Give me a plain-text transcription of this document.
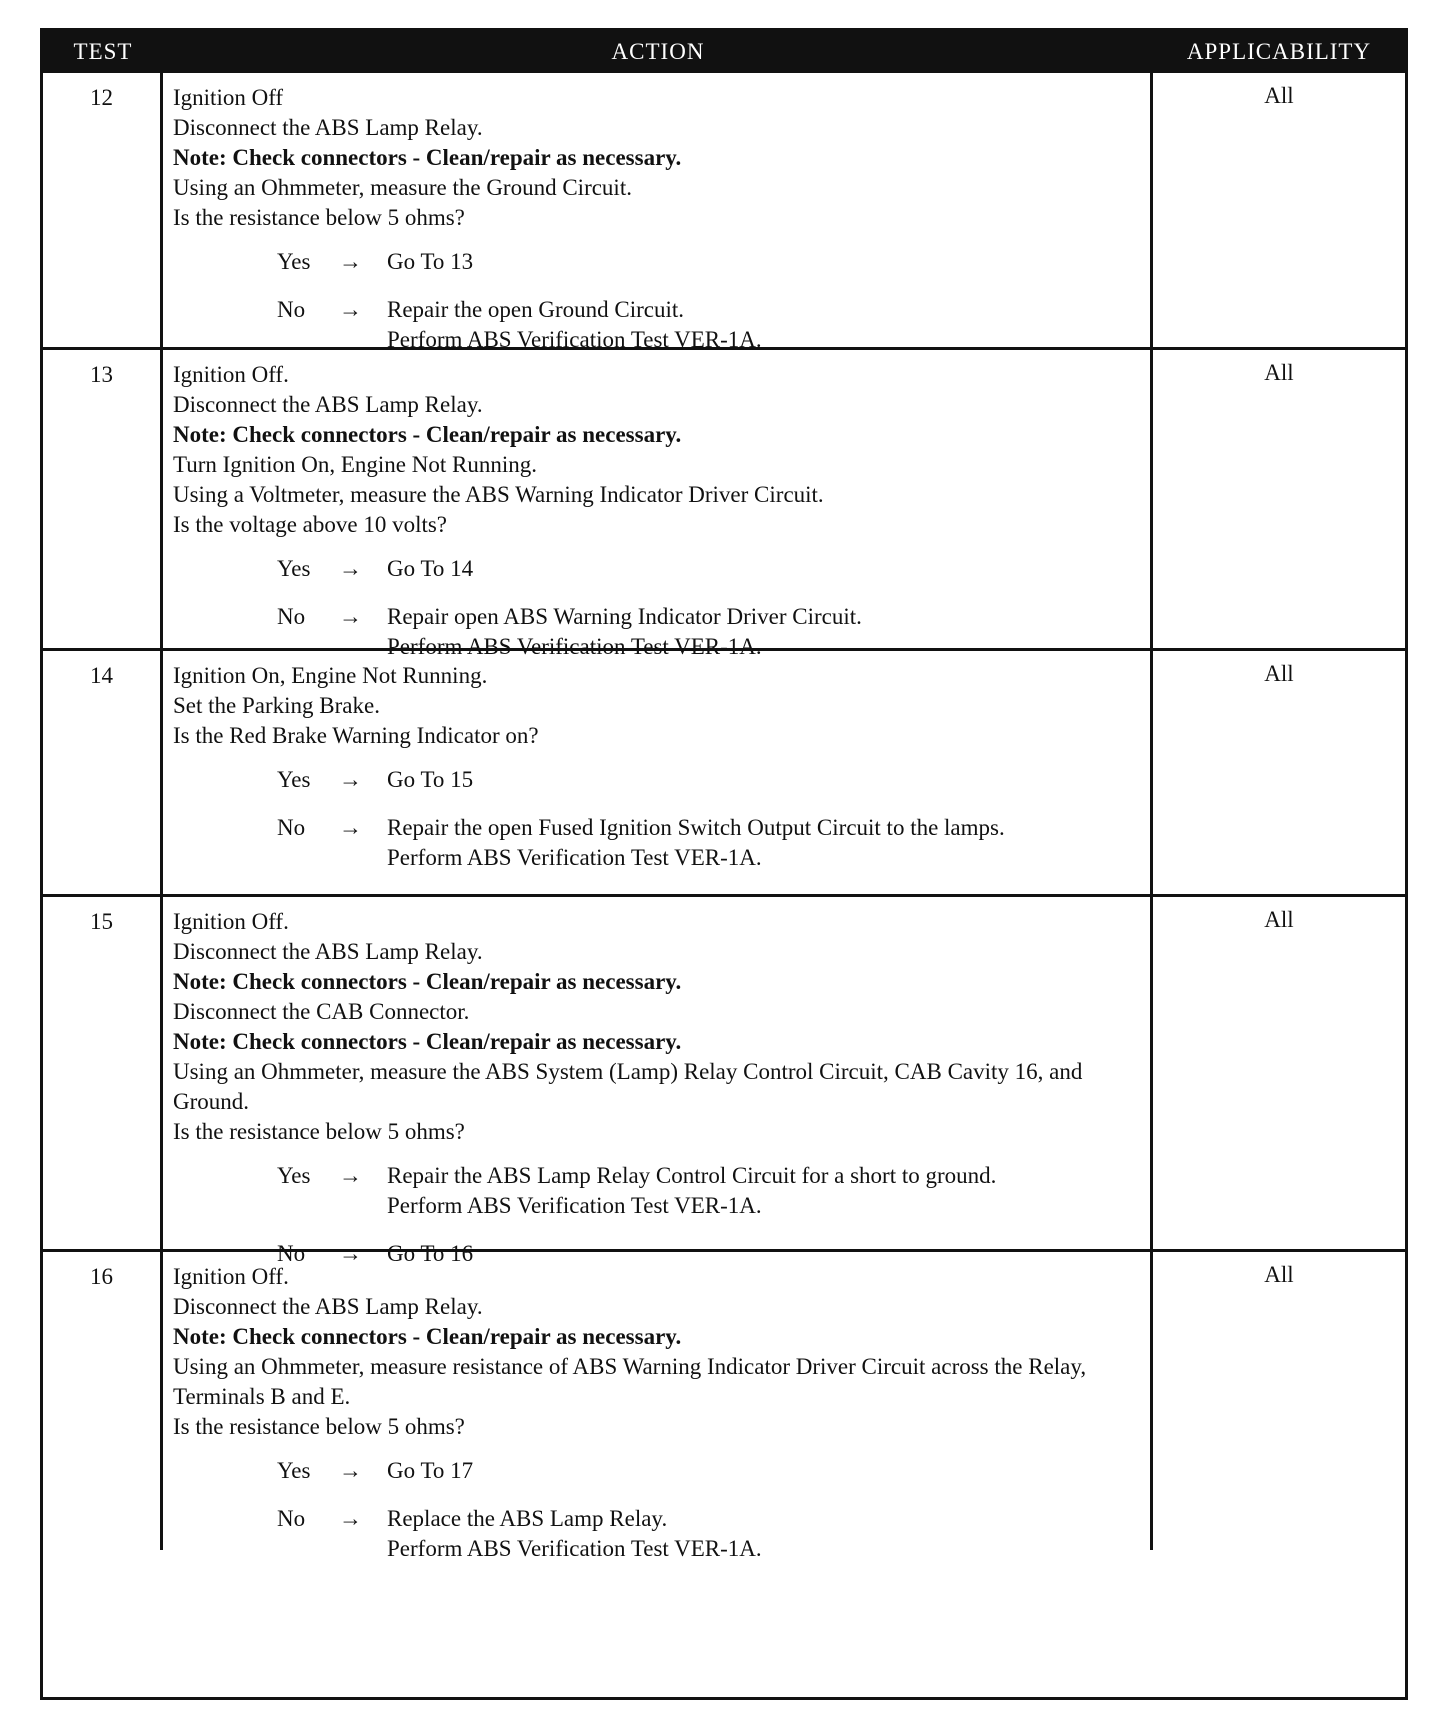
TEST	ACTION	APPLICABILITY
12	Ignition Off
Disconnect the ABS Lamp Relay.
Note: Check connectors - Clean/repair as necessary.
Using an Ohmmeter, measure the Ground Circuit.
Is the resistance below 5 ohms?
Yes	→	Go To 13
No	→	Repair the open Ground Circuit.
Perform ABS Verification Test VER-1A.
All
13	Ignition Off.
Disconnect the ABS Lamp Relay.
Note: Check connectors - Clean/repair as necessary.
Turn Ignition On, Engine Not Running.
Using a Voltmeter, measure the ABS Warning Indicator Driver Circuit.
Is the voltage above 10 volts?
Yes	→	Go To 14
No	→	Repair open ABS Warning Indicator Driver Circuit.
Perform ABS Verification Test VER-1A.
All
14	Ignition On, Engine Not Running.
Set the Parking Brake.
Is the Red Brake Warning Indicator on?
Yes	→	Go To 15
No	→	Repair the open Fused Ignition Switch Output Circuit to the lamps.
Perform ABS Verification Test VER-1A.
All
15	Ignition Off.
Disconnect the ABS Lamp Relay.
Note: Check connectors - Clean/repair as necessary.
Disconnect the CAB Connector.
Note: Check connectors - Clean/repair as necessary.
Using an Ohmmeter, measure the ABS System (Lamp) Relay Control Circuit, CAB Cavity 16, and Ground.
Is the resistance below 5 ohms?
Yes	→	Repair the ABS Lamp Relay Control Circuit for a short to ground.
Perform ABS Verification Test VER-1A.
No	→	Go To 16
All
16	Ignition Off.
Disconnect the ABS Lamp Relay.
Note: Check connectors - Clean/repair as necessary.
Using an Ohmmeter, measure resistance of ABS Warning Indicator Driver Circuit across the Relay, Terminals B and E.
Is the resistance below 5 ohms?
Yes	→	Go To 17
No	→	Replace the ABS Lamp Relay.
Perform ABS Verification Test VER-1A.
All
